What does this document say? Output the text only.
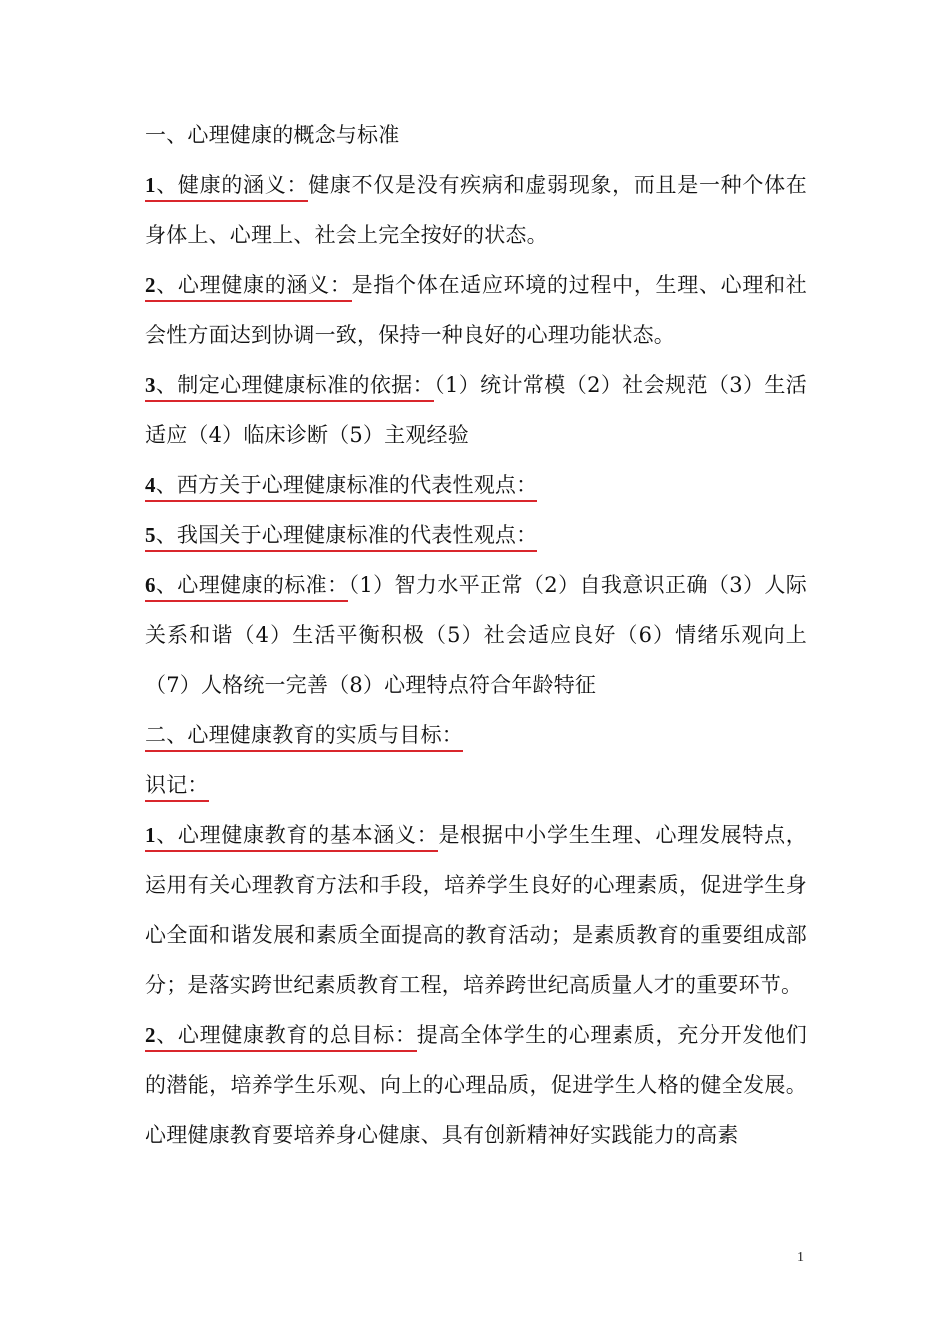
一、心理健康的概念与标准

1、健康的涵义：健康不仅是没有疾病和虚弱现象，而且是一种个体在身体上、心理上、社会上完全按好的状态。

2、心理健康的涵义：是指个体在适应环境的过程中，生理、心理和社会性方面达到协调一致，保持一种良好的心理功能状态。

3、制定心理健康标准的依据：（1）统计常模（2）社会规范（3）生活适应（4）临床诊断（5）主观经验

4、西方关于心理健康标准的代表性观点：

5、我国关于心理健康标准的代表性观点：

6、心理健康的标准：（1）智力水平正常（2）自我意识正确（3）人际关系和谐（4）生活平衡积极（5）社会适应良好（6）情绪乐观向上（7）人格统一完善（8）心理特点符合年龄特征

二、心理健康教育的实质与目标：

识记：

1、心理健康教育的基本涵义：是根据中小学生生理、心理发展特点，运用有关心理教育方法和手段，培养学生良好的心理素质，促进学生身心全面和谐发展和素质全面提高的教育活动；是素质教育的重要组成部分；是落实跨世纪素质教育工程，培养跨世纪高质量人才的重要环节。

2、心理健康教育的总目标：提高全体学生的心理素质，充分开发他们的潜能，培养学生乐观、向上的心理品质，促进学生人格的健全发展。心理健康教育要培养身心健康、具有创新精神好实践能力的高素

1
